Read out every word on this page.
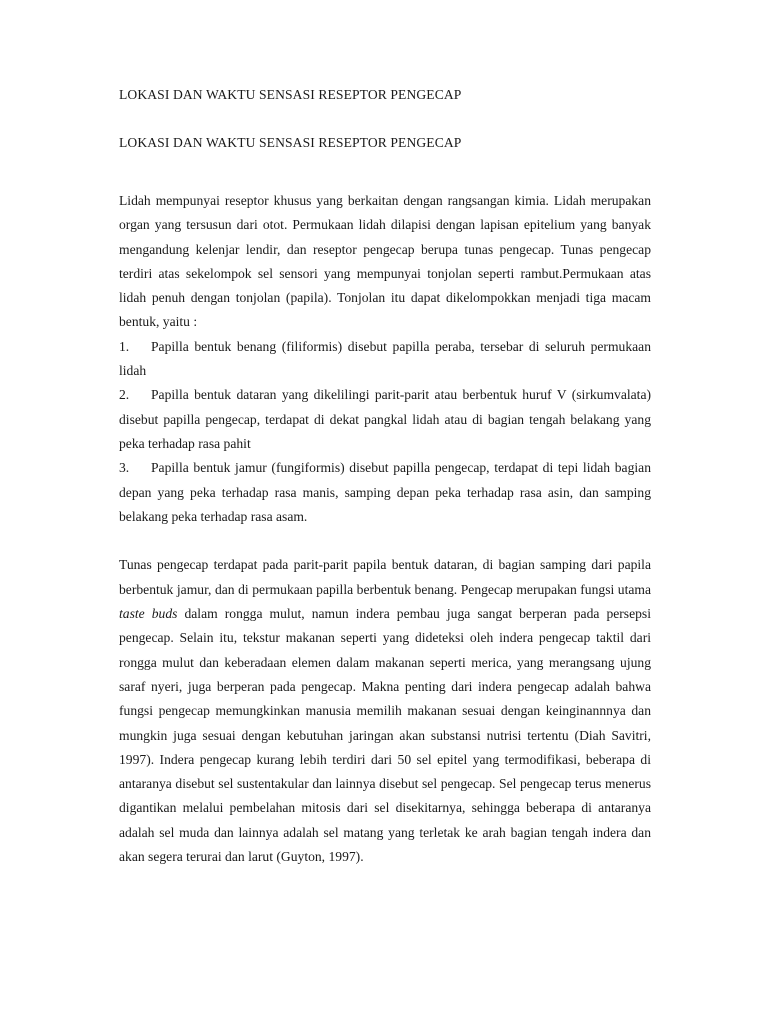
LOKASI DAN WAKTU SENSASI RESEPTOR PENGECAP

LOKASI DAN WAKTU SENSASI RESEPTOR PENGECAP

Lidah mempunyai reseptor khusus yang berkaitan dengan rangsangan kimia. Lidah merupakan organ yang tersusun dari otot. Permukaan lidah dilapisi dengan lapisan epitelium yang banyak mengandung kelenjar lendir, dan reseptor pengecap berupa tunas pengecap. Tunas pengecap terdiri atas sekelompok sel sensori yang mempunyai tonjolan seperti rambut.Permukaan atas lidah penuh dengan tonjolan (papila). Tonjolan itu dapat dikelompokkan menjadi tiga macam bentuk, yaitu :

1. Papilla bentuk benang (filiformis) disebut papilla peraba, tersebar di seluruh permukaan lidah

2. Papilla bentuk dataran yang dikelilingi parit-parit atau berbentuk huruf V (sirkumvalata) disebut papilla pengecap, terdapat di dekat pangkal lidah atau di bagian tengah belakang yang peka terhadap rasa pahit

3. Papilla bentuk jamur (fungiformis) disebut papilla pengecap, terdapat di tepi lidah bagian depan yang peka terhadap rasa manis, samping depan peka terhadap rasa asin, dan samping belakang peka terhadap rasa asam.

Tunas pengecap terdapat pada parit-parit papila bentuk dataran, di bagian samping dari papila berbentuk jamur, dan di permukaan papilla berbentuk benang. Pengecap merupakan fungsi utama taste buds dalam rongga mulut, namun indera pembau juga sangat berperan pada persepsi pengecap. Selain itu, tekstur makanan seperti yang dideteksi oleh indera pengecap taktil dari rongga mulut dan keberadaan elemen dalam makanan seperti merica, yang merangsang ujung saraf nyeri, juga berperan pada pengecap. Makna penting dari indera pengecap adalah bahwa fungsi pengecap memungkinkan manusia memilih makanan sesuai dengan keinginannnya dan mungkin juga sesuai dengan kebutuhan jaringan akan substansi nutrisi tertentu (Diah Savitri, 1997). Indera pengecap kurang lebih terdiri dari 50 sel epitel yang termodifikasi, beberapa di antaranya disebut sel sustentakular dan lainnya disebut sel pengecap. Sel pengecap terus menerus digantikan melalui pembelahan mitosis dari sel disekitarnya, sehingga beberapa di antaranya adalah sel muda dan lainnya adalah sel matang yang terletak ke arah bagian tengah indera dan akan segera terurai dan larut (Guyton, 1997).
